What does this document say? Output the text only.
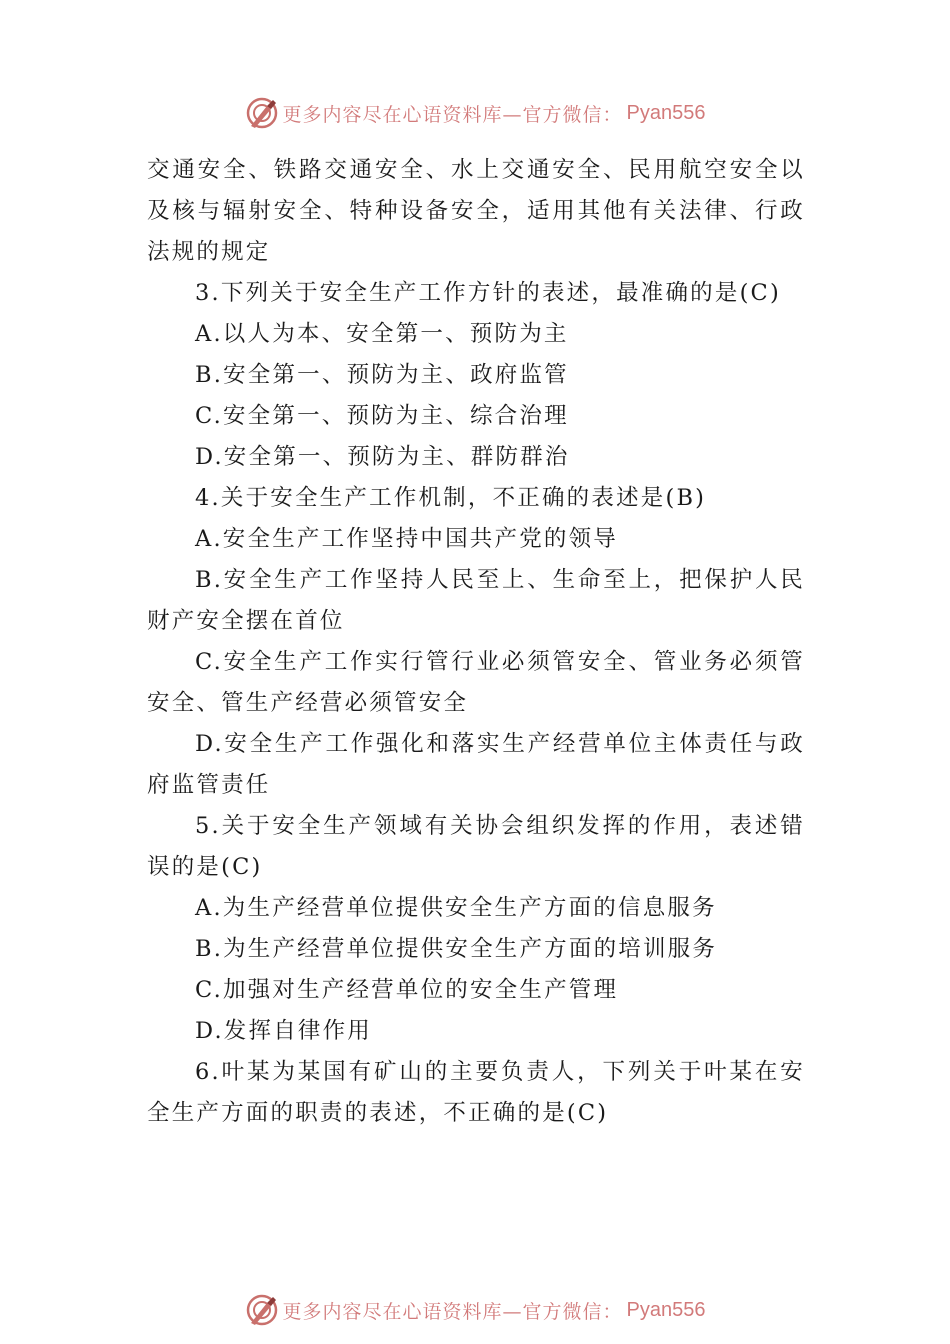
更多内容尽在心语资料库—官方微信： Pyan556

交通安全、铁路交通安全、水上交通安全、民用航空安全以及核与辐射安全、特种设备安全，适用其他有关法律、行政法规的规定

3.下列关于安全生产工作方针的表述，最准确的是(C)

A.以人为本、安全第一、预防为主

B.安全第一、预防为主、政府监管

C.安全第一、预防为主、综合治理

D.安全第一、预防为主、群防群治

4.关于安全生产工作机制，不正确的表述是(B)

A.安全生产工作坚持中国共产党的领导

B.安全生产工作坚持人民至上、生命至上，把保护人民财产安全摆在首位

C.安全生产工作实行管行业必须管安全、管业务必须管安全、管生产经营必须管安全

D.安全生产工作强化和落实生产经营单位主体责任与政府监管责任

5.关于安全生产领域有关协会组织发挥的作用，表述错误的是(C)

A.为生产经营单位提供安全生产方面的信息服务

B.为生产经营单位提供安全生产方面的培训服务

C.加强对生产经营单位的安全生产管理

D.发挥自律作用

6.叶某为某国有矿山的主要负责人，下列关于叶某在安全生产方面的职责的表述，不正确的是(C)

更多内容尽在心语资料库—官方微信： Pyan556
